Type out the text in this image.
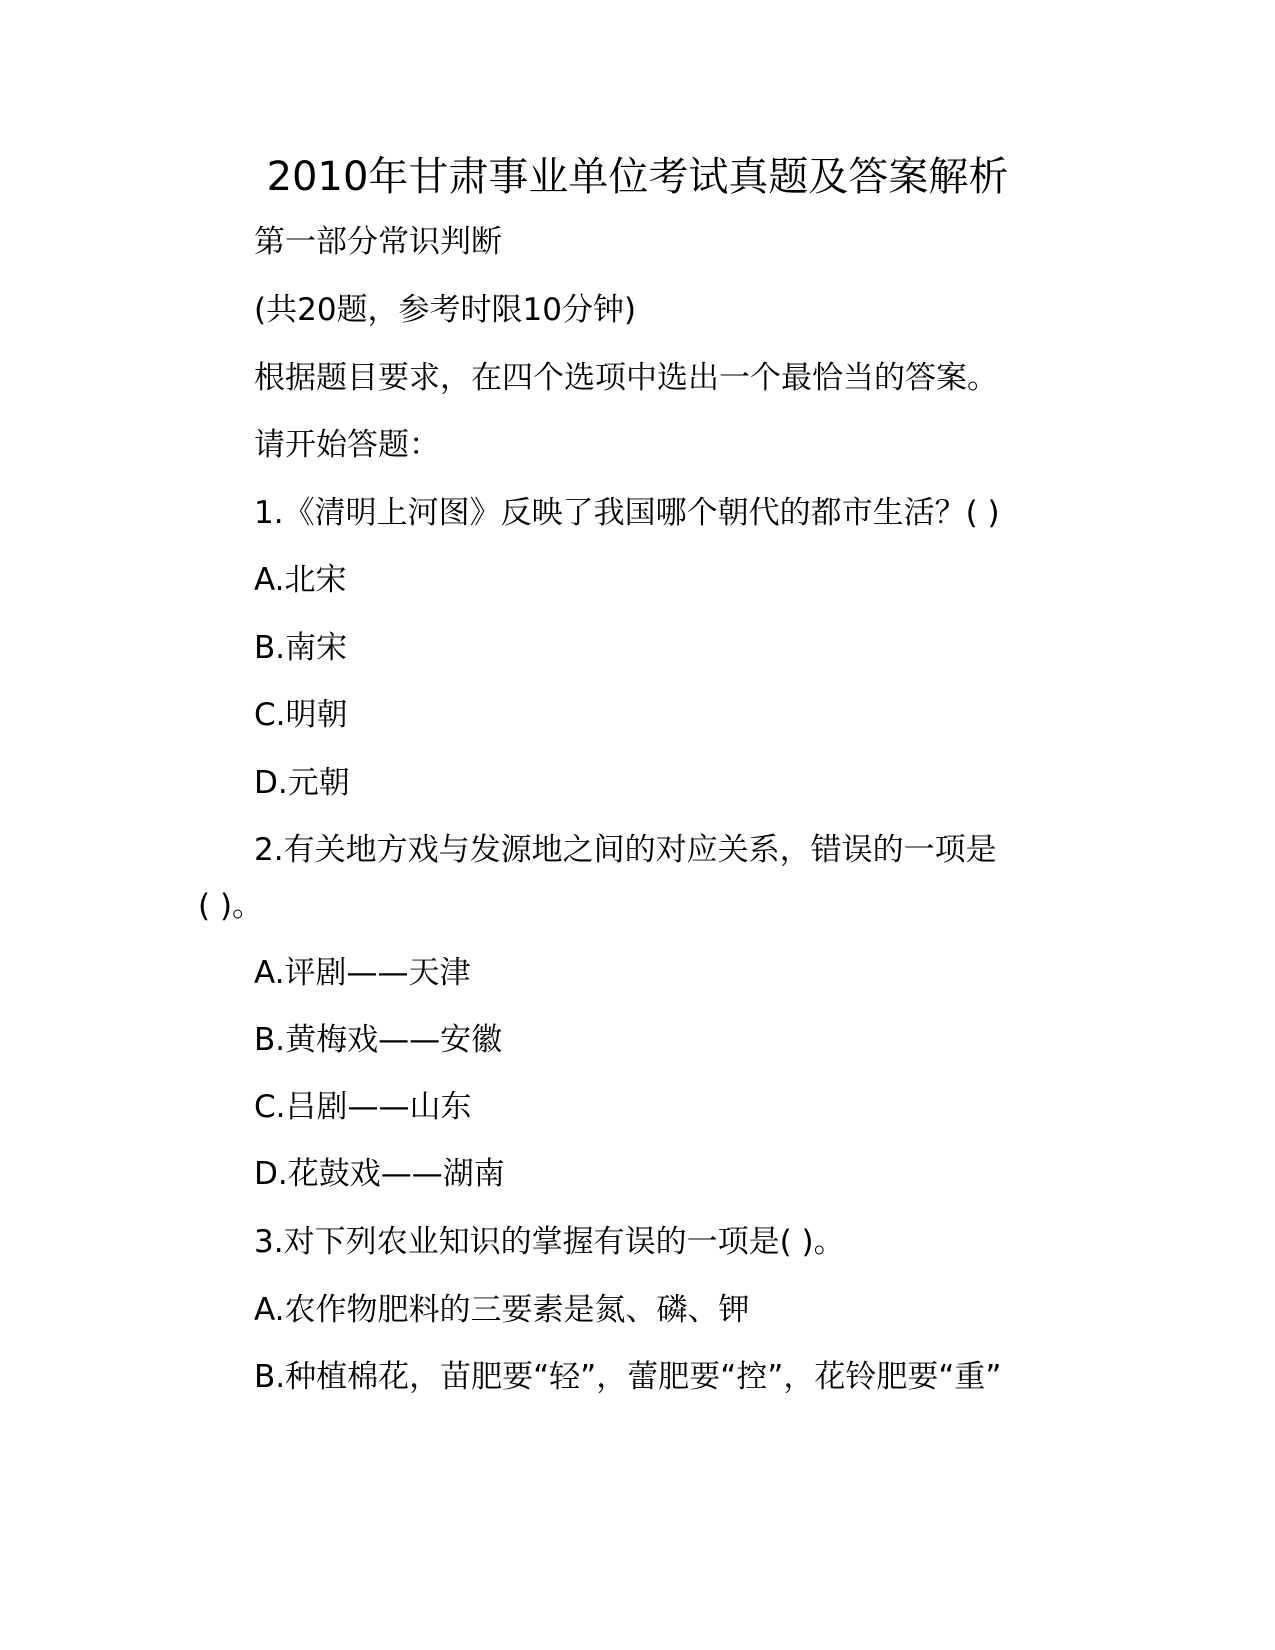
2010年甘肃事业单位考试真题及答案解析
第一部分常识判断
(共20题，参考时限10分钟)
根据题目要求，在四个选项中选出一个最恰当的答案。
请开始答题：
1.《清明上河图》反映了我国哪个朝代的都市生活？( )
A.北宋
B.南宋
C.明朝
D.元朝
2.有关地方戏与发源地之间的对应关系，错误的一项是
( )。
A.评剧——天津
B.黄梅戏——安徽
C.吕剧——山东
D.花鼓戏——湖南
3.对下列农业知识的掌握有误的一项是( )。
A.农作物肥料的三要素是氮、磷、钾
B.种植棉花，苗肥要“轻”，蕾肥要“控”，花铃肥要“重”
